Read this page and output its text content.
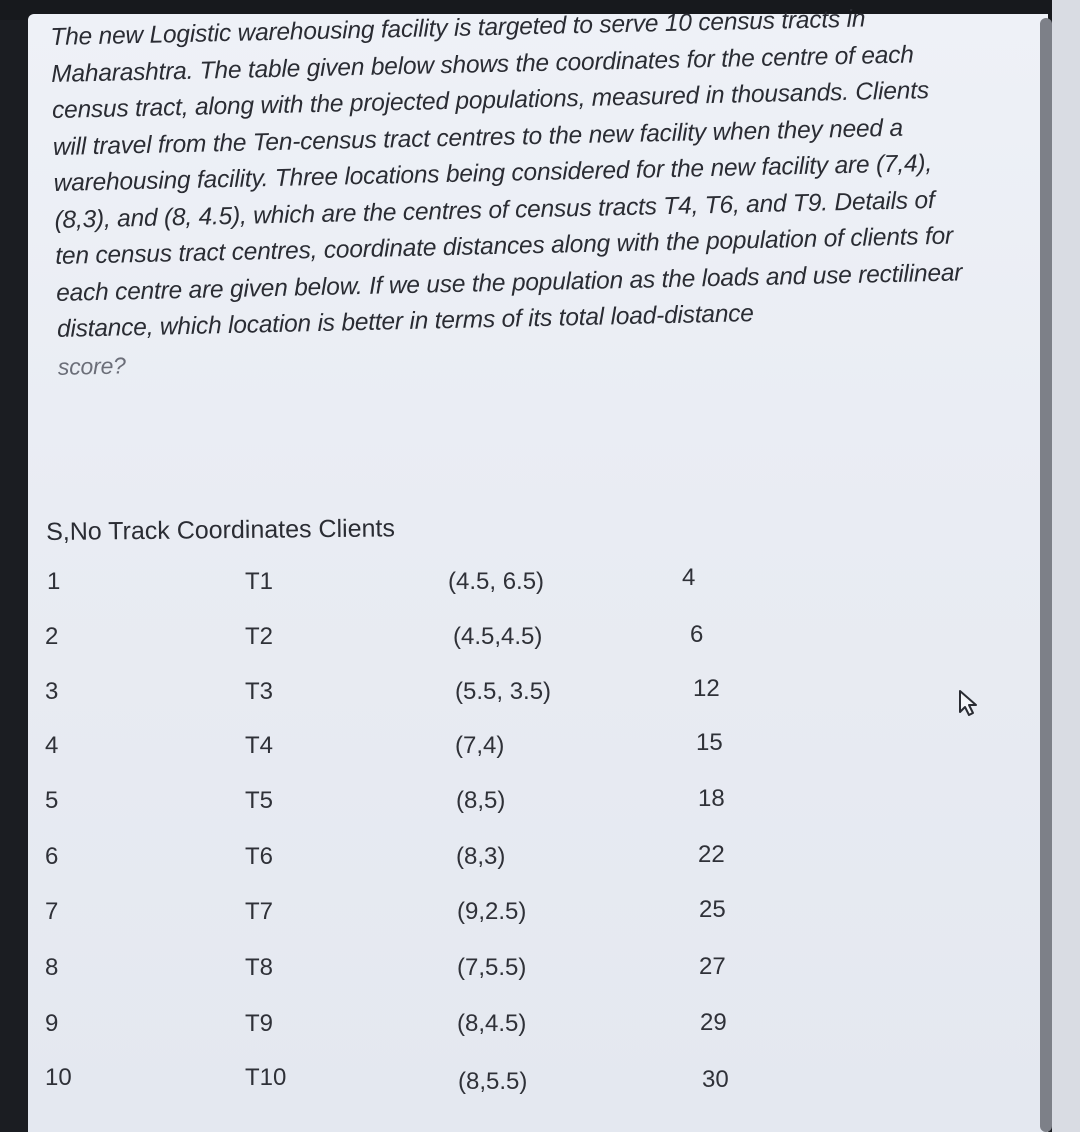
The new Logistic warehousing facility is targeted to serve 10 census tracts in
Maharashtra. The table given below shows the coordinates for the centre of each
census tract, along with the projected populations, measured in thousands. Clients
will travel from the Ten-census tract centres to the new facility when they need a
warehousing facility. Three locations being considered for the new facility are (7,4),
(8,3), and (8, 4.5), which are the centres of census tracts T4, T6, and T9. Details of
ten census tract centres, coordinate distances along with the population of clients for
each centre are given below. If we use the population as the loads and use rectilinear
distance, which location is better in terms of its total load-distance
score?
S,No Track Coordinates Clients
1	T1	(4.5, 6.5)	4
2	T2	(4.5,4.5)	6
3	T3	(5.5, 3.5)	12
4	T4	(7,4)	15
5	T5	(8,5)	18
6	T6	(8,3)	22
7	T7	(9,2.5)	25
8	T8	(7,5.5)	27
9	T9	(8,4.5)	29
10	T10	(8,5.5)	30
